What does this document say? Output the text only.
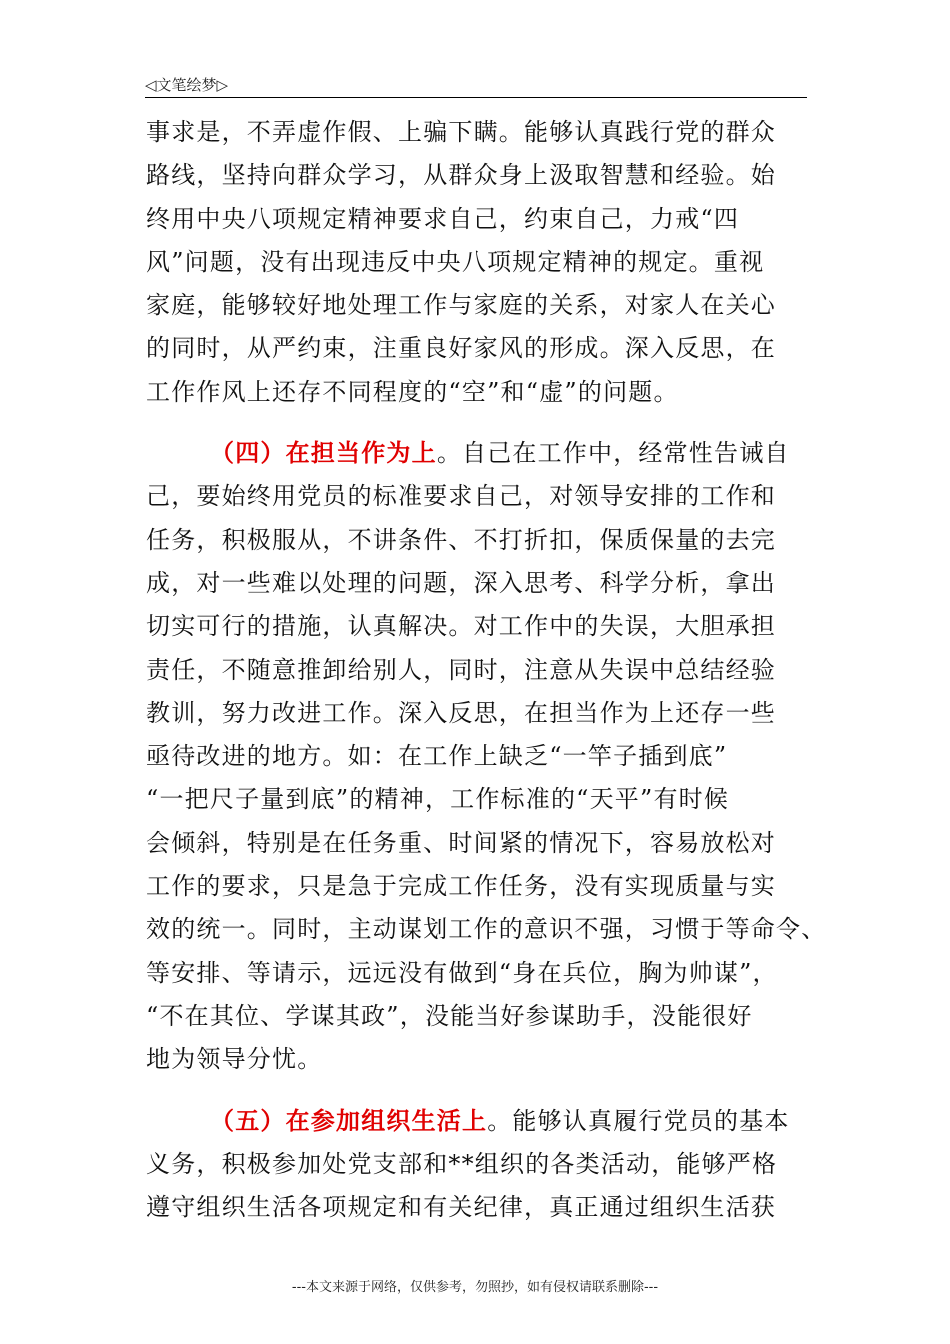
◁文笔绘梦▷
事求是，不弄虚作假、上骗下瞒。能够认真践行党的群众
路线，坚持向群众学习，从群众身上汲取智慧和经验。始
终用中央八项规定精神要求自己，约束自己，力戒“四
风”问题，没有出现违反中央八项规定精神的规定。重视
家庭，能够较好地处理工作与家庭的关系，对家人在关心
的同时，从严约束，注重良好家风的形成。深入反思，在
工作作风上还存不同程度的“空”和“虚”的问题。
（四）在担当作为上。自己在工作中，经常性告诫自
己，要始终用党员的标准要求自己，对领导安排的工作和
任务，积极服从，不讲条件、不打折扣，保质保量的去完
成，对一些难以处理的问题，深入思考、科学分析，拿出
切实可行的措施，认真解决。对工作中的失误，大胆承担
责任，不随意推卸给别人，同时，注意从失误中总结经验
教训，努力改进工作。深入反思，在担当作为上还存一些
亟待改进的地方。如：在工作上缺乏“一竿子插到底”
“一把尺子量到底”的精神，工作标准的“天平”有时候
会倾斜，特别是在任务重、时间紧的情况下，容易放松对
工作的要求，只是急于完成工作任务，没有实现质量与实
效的统一。同时，主动谋划工作的意识不强，习惯于等命令、
等安排、等请示，远远没有做到“身在兵位，胸为帅谋”，
“不在其位、学谋其政”，没能当好参谋助手，没能很好
地为领导分忧。
（五）在参加组织生活上。能够认真履行党员的基本
义务，积极参加处党支部和**组织的各类活动，能够严格
遵守组织生活各项规定和有关纪律，真正通过组织生活获
---本文来源于网络，仅供参考，勿照抄，如有侵权请联系删除---
